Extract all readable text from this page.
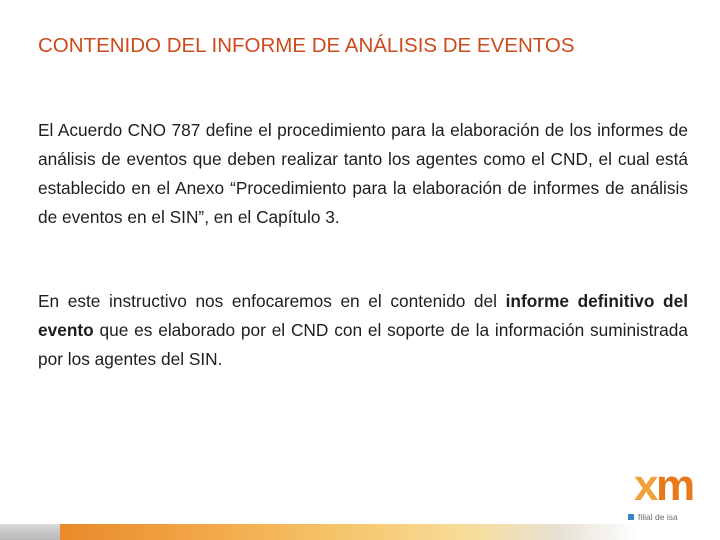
CONTENIDO DEL INFORME DE ANÁLISIS DE EVENTOS

El Acuerdo CNO 787 define el procedimiento para la elaboración de los informes de análisis de eventos que deben realizar tanto los agentes como el CND, el cual está establecido en el Anexo “Procedimiento para la elaboración de informes de análisis de eventos en el SIN”, en el Capítulo 3.

En este instructivo nos enfocaremos en el contenido del informe definitivo del evento que es elaborado por el CND con el soporte de la información suministrada por los agentes del SIN.

x
m
filial de isa
